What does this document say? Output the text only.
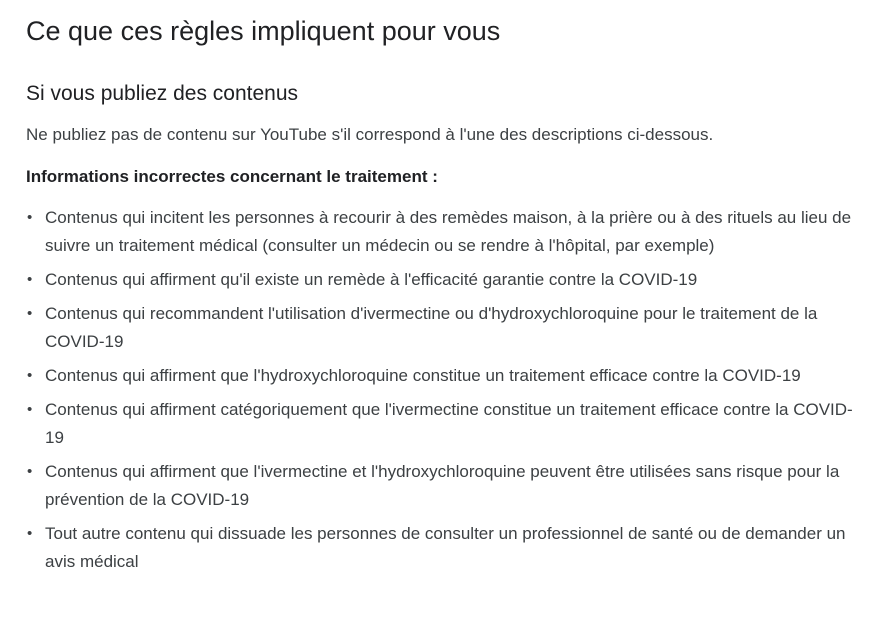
Ce que ces règles impliquent pour vous
Si vous publiez des contenus

Ne publiez pas de contenu sur YouTube s'il correspond à l'une des descriptions ci-dessous.

Informations incorrectes concernant le traitement :

• Contenus qui incitent les personnes à recourir à des remèdes maison, à la prière ou à des rituels au lieu de suivre un traitement médical (consulter un médecin ou se rendre à l'hôpital, par exemple)
• Contenus qui affirment qu'il existe un remède à l'efficacité garantie contre la COVID-19
• Contenus qui recommandent l'utilisation d'ivermectine ou d'hydroxychloroquine pour le traitement de la COVID-19
• Contenus qui affirment que l'hydroxychloroquine constitue un traitement efficace contre la COVID-19
• Contenus qui affirment catégoriquement que l'ivermectine constitue un traitement efficace contre la COVID-19
• Contenus qui affirment que l'ivermectine et l'hydroxychloroquine peuvent être utilisées sans risque pour la prévention de la COVID-19
• Tout autre contenu qui dissuade les personnes de consulter un professionnel de santé ou de demander un avis médical
